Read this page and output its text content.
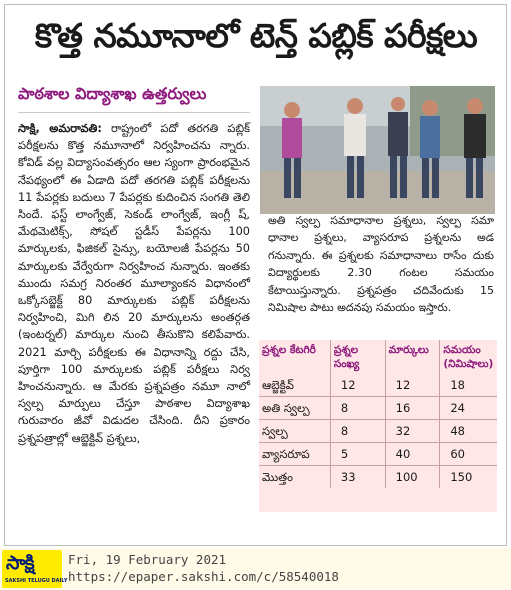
కొత్త నమూనాలో టెన్త్ పబ్లిక్ పరీక్షలు
పాఠశాల విద్యాశాఖ ఉత్తర్వులు
సాక్షి, అమరావతి: రాష్ట్రంలో పదో తరగతి పబ్లిక్ పరీక్షలను కొత్త నమూనాలో నిర్వహించను న్నారు. కోవిడ్ వల్ల విద్యాసంవత్సరం ఆల స్యంగా ప్రారంభమైన నేపథ్యంలో ఈ ఏడాది పదో తరగతి పబ్లిక్ పరీక్షలను 11 పేపర్లకు బదులు 7 పేపర్లకు కుదించిన సంగతి తెలి సిందే. ఫస్ట్ లాంగ్వేజ్, సెకండ్ లాంగ్వేజ్, ఇంగ్లీ ష్, మేథమెటిక్స్, సోషల్ స్టడీస్ పేపర్లను 100 మార్కులకు, ఫిజికల్ సైన్సు, బయోలజీ పేపర్లను 50 మార్కులకు వేర్వేరుగా నిర్వహించ నున్నారు. ఇంతకు ముందు సమగ్ర నిరంతర మూల్యాంకన విధానంలో ఒక్కోసబ్జెక్ట్ 80 మార్కులకు పబ్లిక్ పరీక్షలను నిర్వహించి, మిగి లిన 20 మార్కులను అంతర్గత (ఇంటర్నల్) మార్కుల నుంచి తీసుకొని కలిపేవారు. 2021 మార్చి పరీక్షలకు ఈ విధానాన్ని రద్దు చేసి, పూర్తిగా 100 మార్కులకు పబ్లిక్ పరీక్షలు నిర్వ హించనున్నారు. ఆ మేరకు ప్రశ్నపత్రం నమూ నాలో స్వల్ప మార్పులు చేస్తూ పాఠశాల విద్యాశాఖ గురువారం జీవో విడుదల చేసింది. దీని ప్రకారం ప్రశ్నపత్రాల్లో ఆబ్జెక్టివ్ ప్రశ్నలు,
అతి స్వల్ప సమాధానాల ప్రశ్నలు, స్వల్ప సమా ధానాల ప్రశ్నలు, వ్యాసరూప ప్రశ్నలను అడ గనున్నారు. ఈ ప్రశ్నలకు సమాధానాలు రాసేం దుకు విద్యార్థులకు 2.30 గంటల సమయం కేటాయిస్తున్నారు. ప్రశ్నపత్రం చదివేందుకు 15 నిమిషాల పాటు అదనపు సమయం ఇస్తారు.
ప్రశ్నల కేటగిరీ	ప్రశ్నల సంఖ్య	మార్కులు	సమయం (నిమిషాలు)
ఆబ్జెక్టివ్	12	12	18
అతి స్వల్ప	8	16	24
స్వల్ప	8	32	48
వ్యాసరూప	5	40	60
మొత్తం	33	100	150
సాక్షి
SAKSHI TELUGU DAILY
Fri, 19 February 2021
https://epaper.sakshi.com/c/58540018
